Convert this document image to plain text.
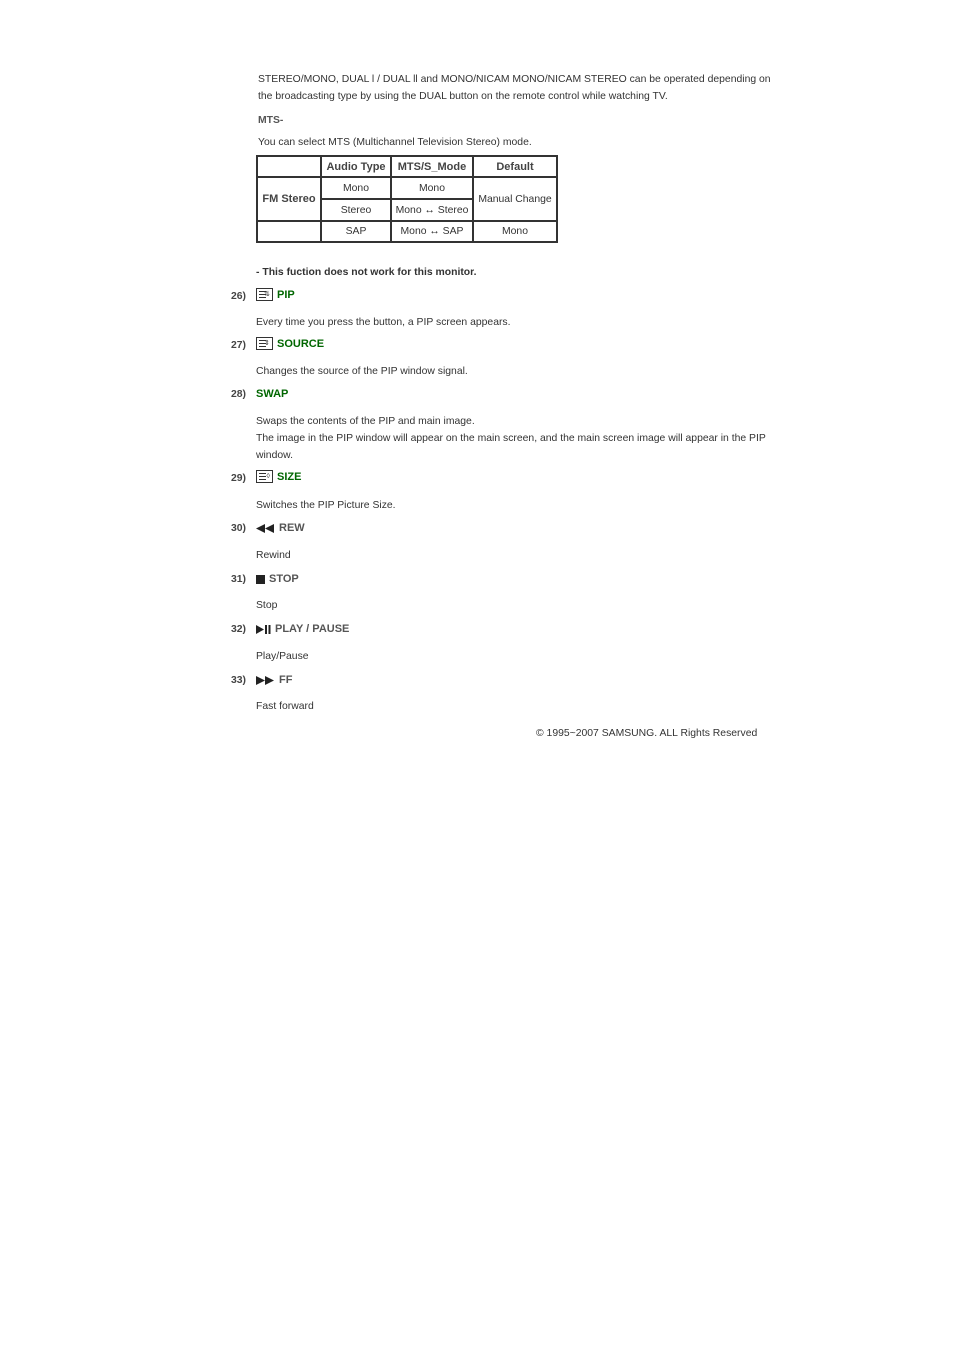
STEREO/MONO, DUAL l / DUAL ll and MONO/NICAM MONO/NICAM STEREO can be operated depending on the broadcasting type by using the DUAL button on the remote control while watching TV.

MTS-

You can select MTS (Multichannel Television Stereo) mode.

	Audio Type	MTS/S_Mode	Default
FM Stereo	Mono	Mono	Manual Change
	Stereo	Mono ↔ Stereo	
	SAP	Mono ↔ SAP	Mono

- This fuction does not work for this monitor.

26)	⇅ PIP
Every time you press the button, a PIP screen appears.
27)	⇕ SOURCE
Changes the source of the PIP window signal.
28) SWAP
Swaps the contents of the PIP and main image.
The image in the PIP window will appear on the main screen, and the main screen image will appear in the PIP window.
29)	◊ SIZE
Switches the PIP Picture Size.
30)	REW
Rewind
31) STOP
Stop
32)	PLAY / PAUSE
Play/Pause
33)	FF
Fast forward
© 1995~2007 SAMSUNG. ALL Rights Reserved
